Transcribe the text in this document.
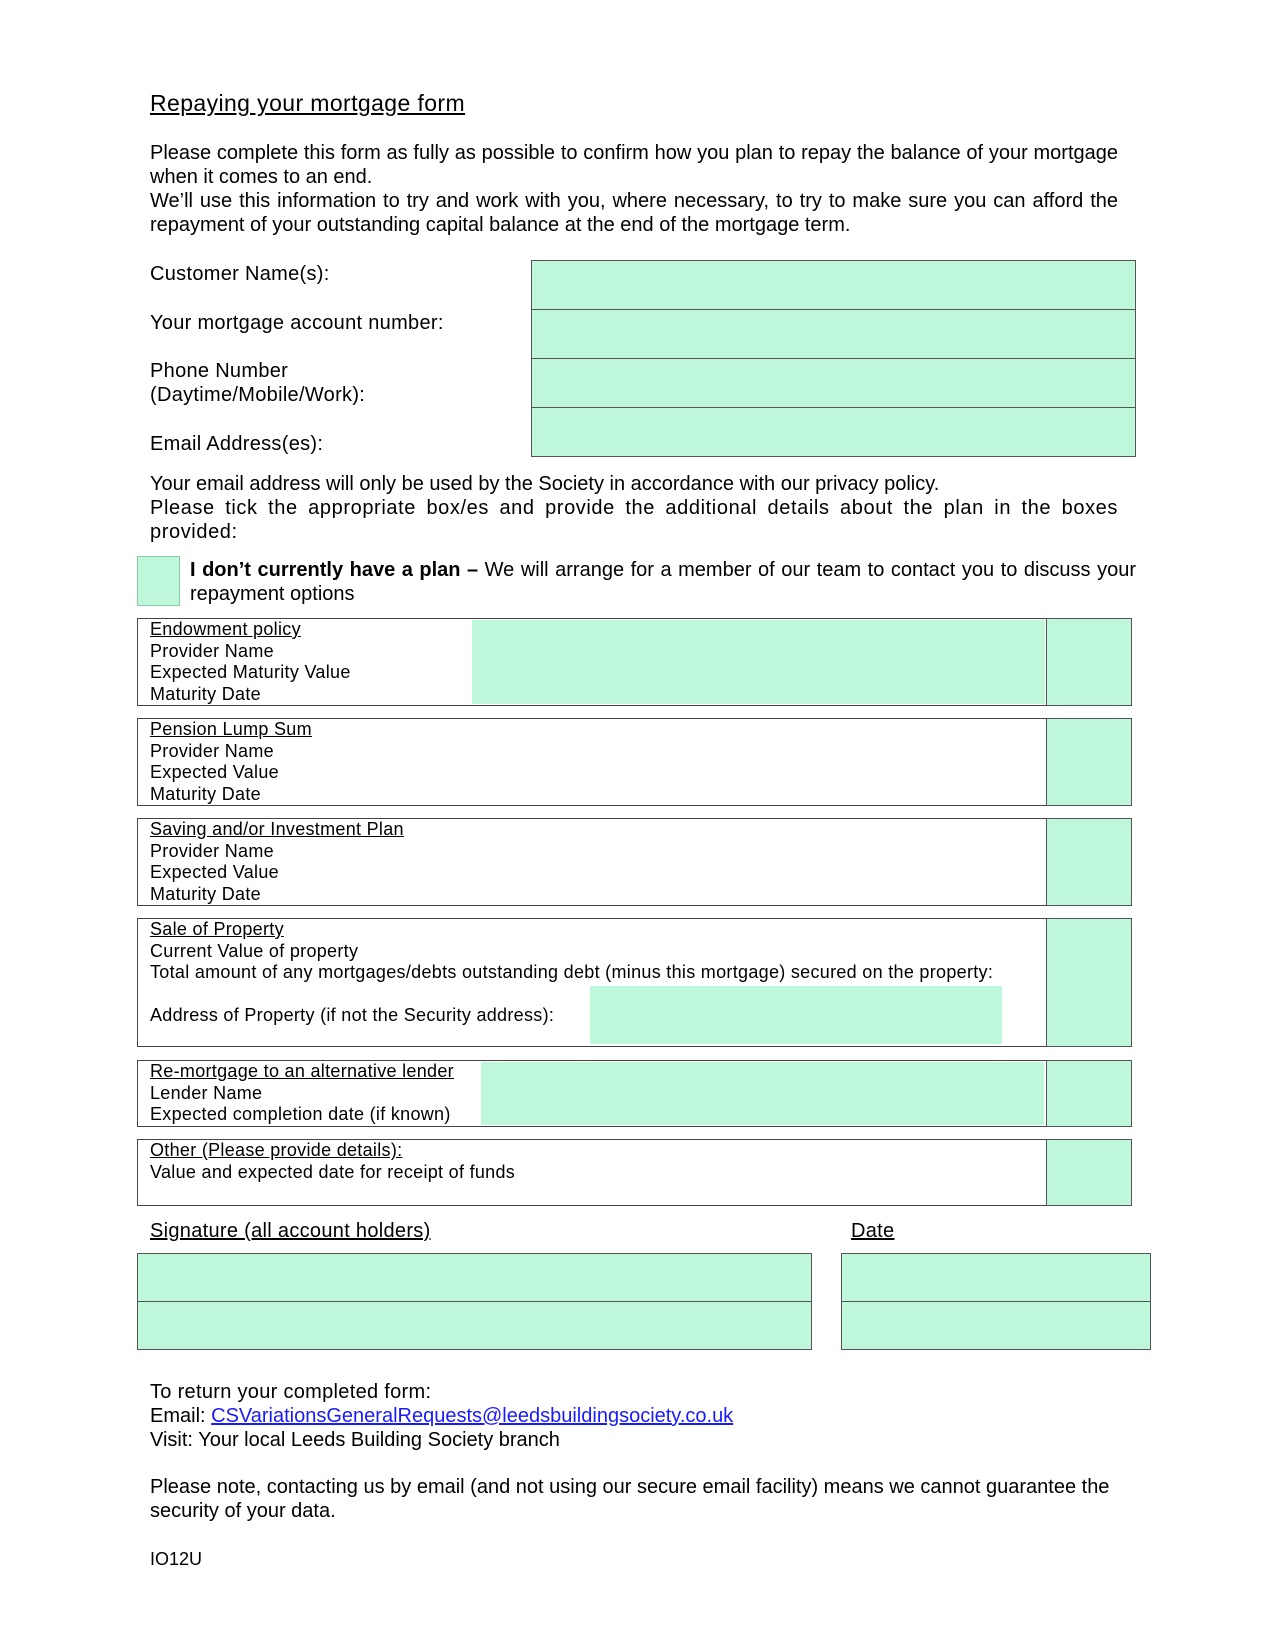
Repaying your mortgage form
Please complete this form as fully as possible to confirm how you plan to repay the balance of your mortgage when it comes to an end.
We’ll use this information to try and work with you, where necessary, to try to make sure you can afford the repayment of your outstanding capital balance at the end of the mortgage term.
Customer Name(s):
Your mortgage account number:
Phone Number
(Daytime/Mobile/Work):
Email Address(es):
Your email address will only be used by the Society in accordance with our privacy policy.
Please tick the appropriate box/es and provide the additional details about the plan in the boxes provided:
I don’t currently have a plan – We will arrange for a member of our team to contact you to discuss your repayment options
Endowment policy
Provider Name
Expected Maturity Value
Maturity Date
Pension Lump Sum
Provider Name
Expected Value
Maturity Date
Saving and/or Investment Plan
Provider Name
Expected Value
Maturity Date
Sale of Property
Current Value of property
Total amount of any mortgages/debts outstanding debt (minus this mortgage) secured on the property:
Address of Property (if not the Security address):
Re-mortgage to an alternative lender
Lender Name
Expected completion date (if known)
Other (Please provide details):
Value and expected date for receipt of funds
Signature (all account holders)	Date
To return your completed form:
Email: CSVariationsGeneralRequests@leedsbuildingsociety.co.uk
Visit: Your local Leeds Building Society branch
Please note, contacting us by email (and not using our secure email facility) means we cannot guarantee the security of your data.
IO12U
